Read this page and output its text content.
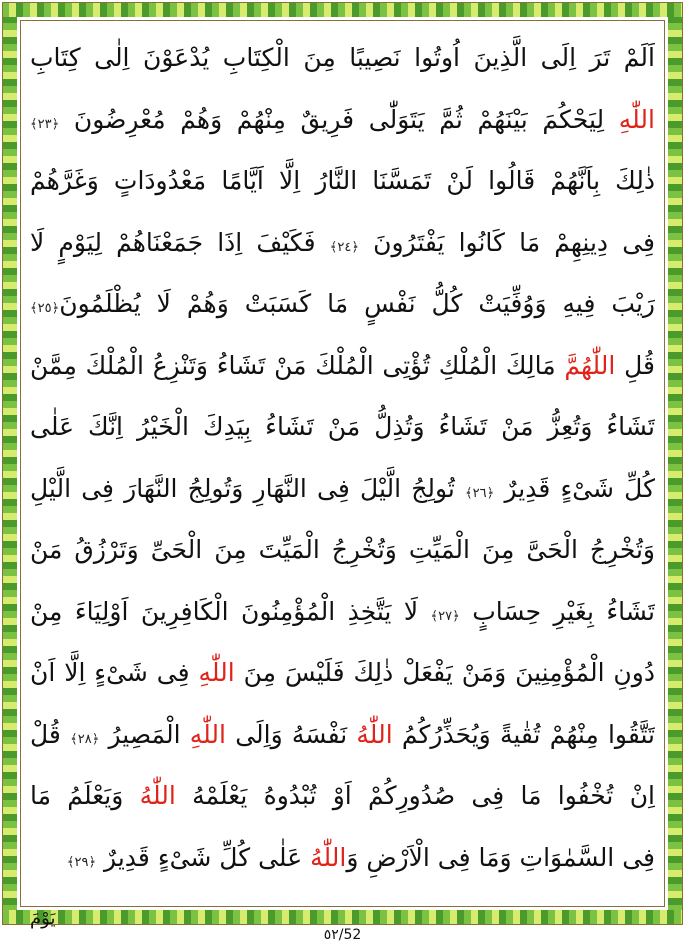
اَلَمْ تَرَ اِلَى الَّذِينَ اُوتُوا نَصِيبًا مِنَ الْكِتَابِ يُدْعَوْنَ اِلٰى كِتَابِ
اللّٰهِ لِيَحْكُمَ بَيْنَهُمْ ثُمَّ يَتَوَلّٰى فَرِيقٌ مِنْهُمْ وَهُمْ مُعْرِضُونَ ﴿٢٣﴾
ذٰلِكَ بِاَنَّهُمْ قَالُوا لَنْ تَمَسَّنَا النَّارُ اِلَّا اَيَّامًا مَعْدُودَاتٍ وَغَرَّهُمْ
فِى دِينِهِمْ مَا كَانُوا يَفْتَرُونَ ﴿٢٤﴾ فَكَيْفَ اِذَا جَمَعْنَاهُمْ لِيَوْمٍ لَا
رَيْبَ فِيهِ وَوُفِّيَتْ كُلُّ نَفْسٍ مَا كَسَبَتْ وَهُمْ لَا يُظْلَمُونَ﴿٢٥﴾
قُلِ اللّٰهُمَّ مَالِكَ الْمُلْكِ تُؤْتِى الْمُلْكَ مَنْ تَشَاءُ وَتَنْزِعُ الْمُلْكَ مِمَّنْ
تَشَاءُ وَتُعِزُّ مَنْ تَشَاءُ وَتُذِلُّ مَنْ تَشَاءُ بِيَدِكَ الْخَيْرُ اِنَّكَ عَلٰى
كُلِّ شَیْءٍ قَدِيرٌ ﴿٢٦﴾ تُولِجُ الَّيْلَ فِى النَّهَارِ وَتُولِجُ النَّهَارَ فِى الَّيْلِ
وَتُخْرِجُ الْحَىَّ مِنَ الْمَيِّتِ وَتُخْرِجُ الْمَيِّتَ مِنَ الْحَىِّ وَتَرْزُقُ مَنْ
تَشَاءُ بِغَيْرِ حِسَابٍ ﴿٢٧﴾ لَا يَتَّخِذِ الْمُؤْمِنُونَ الْكَافِرِينَ اَوْلِيَاءَ مِنْ
دُونِ الْمُؤْمِنِينَ وَمَنْ يَفْعَلْ ذٰلِكَ فَلَيْسَ مِنَ اللّٰهِ فِى شَیْءٍ اِلَّا اَنْ
تَتَّقُوا مِنْهُمْ تُقٰيةً وَيُحَذِّرُكُمُ اللّٰهُ نَفْسَهُ وَاِلَى اللّٰهِ الْمَصِيرُ ﴿٢٨﴾ قُلْ
اِنْ تُخْفُوا مَا فِى صُدُورِكُمْ اَوْ تُبْدُوهُ يَعْلَمْهُ اللّٰهُ وَيَعْلَمُ مَا
فِى السَّمٰوَاتِ وَمَا فِى الْاَرْضِ وَاللّٰهُ عَلٰى كُلِّ شَیْءٍ قَدِيرٌ ﴿٢٩﴾
يَوْمَ
٥٢/52
